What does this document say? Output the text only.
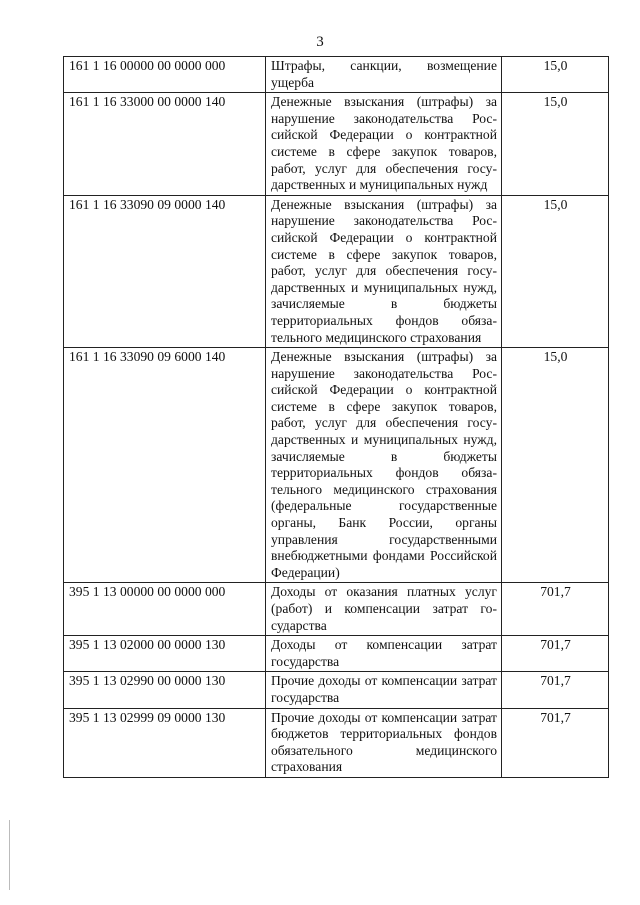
3
161 1 16 00000 00 0000 000	Штрафы, санкции, возмещение ущерба	15,0
161 1 16 33000 00 0000 140	Денежные взыскания (штрафы) за нарушение законодательства Российской Федерации о контрактной системе в сфере закупок товаров, работ, услуг для обеспечения государственных и муниципальных нужд	15,0
161 1 16 33090 09 0000 140	Денежные взыскания (штрафы) за нарушение законодательства Российской Федерации о контрактной системе в сфере закупок товаров, работ, услуг для обеспечения государственных и муниципальных нужд, зачисляемые в бюджеты территориальных фондов обязательного медицинского страхования	15,0
161 1 16 33090 09 6000 140	Денежные взыскания (штрафы) за нарушение законодательства Российской Федерации о контрактной системе в сфере закупок товаров, работ, услуг для обеспечения государственных и муниципальных нужд, зачисляемые в бюджеты территориальных фондов обязательного медицинского страхования (федеральные государственные органы, Банк России, органы управления государственными внебюджетными фондами Российской Федерации)	15,0
395 1 13 00000 00 0000 000	Доходы от оказания платных услуг (работ) и компенсации затрат государства	701,7
395 1 13 02000 00 0000 130	Доходы от компенсации затрат государства	701,7
395 1 13 02990 00 0000 130	Прочие доходы от компенсации затрат государства	701,7
395 1 13 02999 09 0000 130	Прочие доходы от компенсации затрат бюджетов территориальных фондов обязательного медицинского страхования	701,7
